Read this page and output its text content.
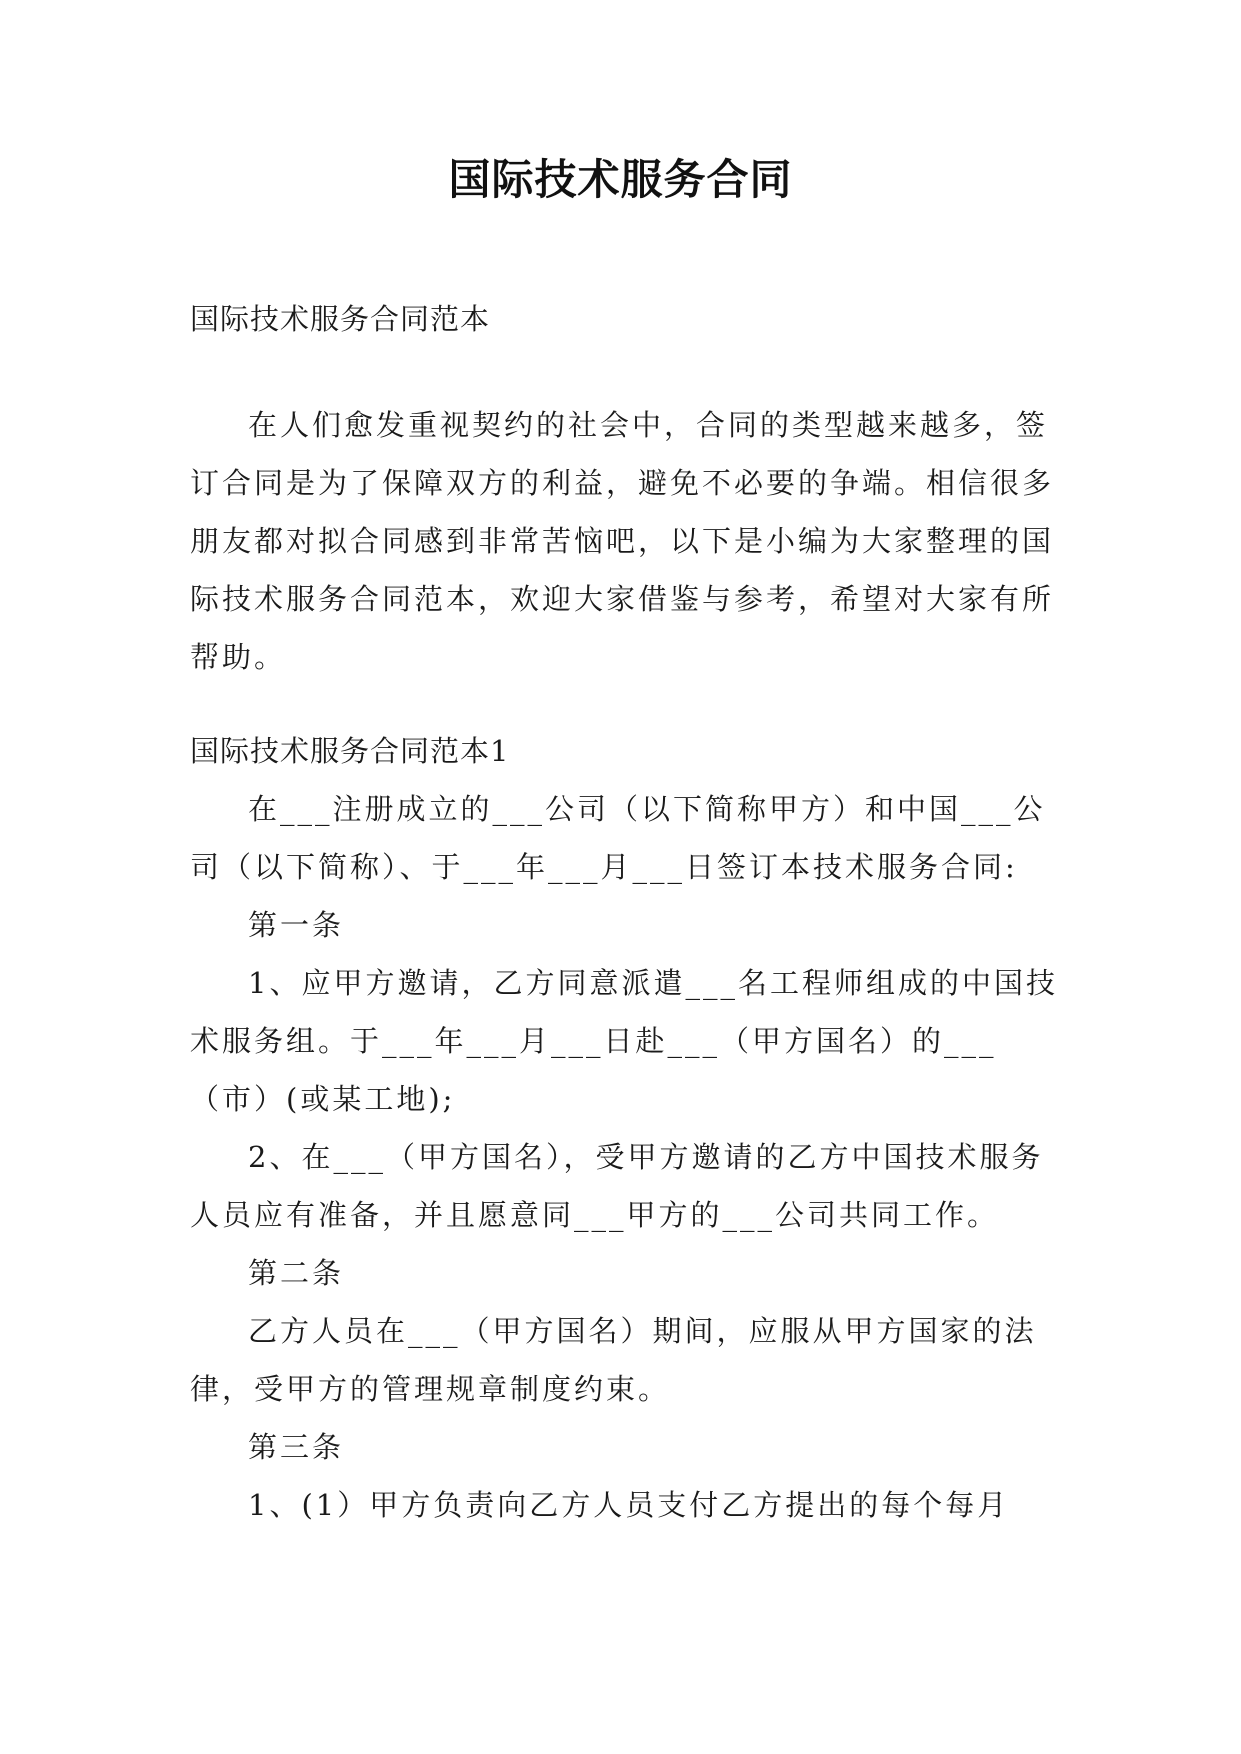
国际技术服务合同

国际技术服务合同范本

在人们愈发重视契约的社会中，合同的类型越来越多，签订合同是为了保障双方的利益，避免不必要的争端。相信很多朋友都对拟合同感到非常苦恼吧，以下是小编为大家整理的国际技术服务合同范本，欢迎大家借鉴与参考，希望对大家有所帮助。

国际技术服务合同范本1

在___注册成立的___公司（以下简称甲方）和中国___公司（以下简称）、于___年___月___日签订本技术服务合同:

第一条

1、应甲方邀请，乙方同意派遣___名工程师组成的中国技术服务组。于___年___月___日赴___（甲方国名）的___（市）(或某工地);

2、在___（甲方国名），受甲方邀请的乙方中国技术服务人员应有准备，并且愿意同___甲方的___公司共同工作。

第二条

乙方人员在___（甲方国名）期间，应服从甲方国家的法律，受甲方的管理规章制度约束。

第三条

1、(1）甲方负责向乙方人员支付乙方提出的每个每月
